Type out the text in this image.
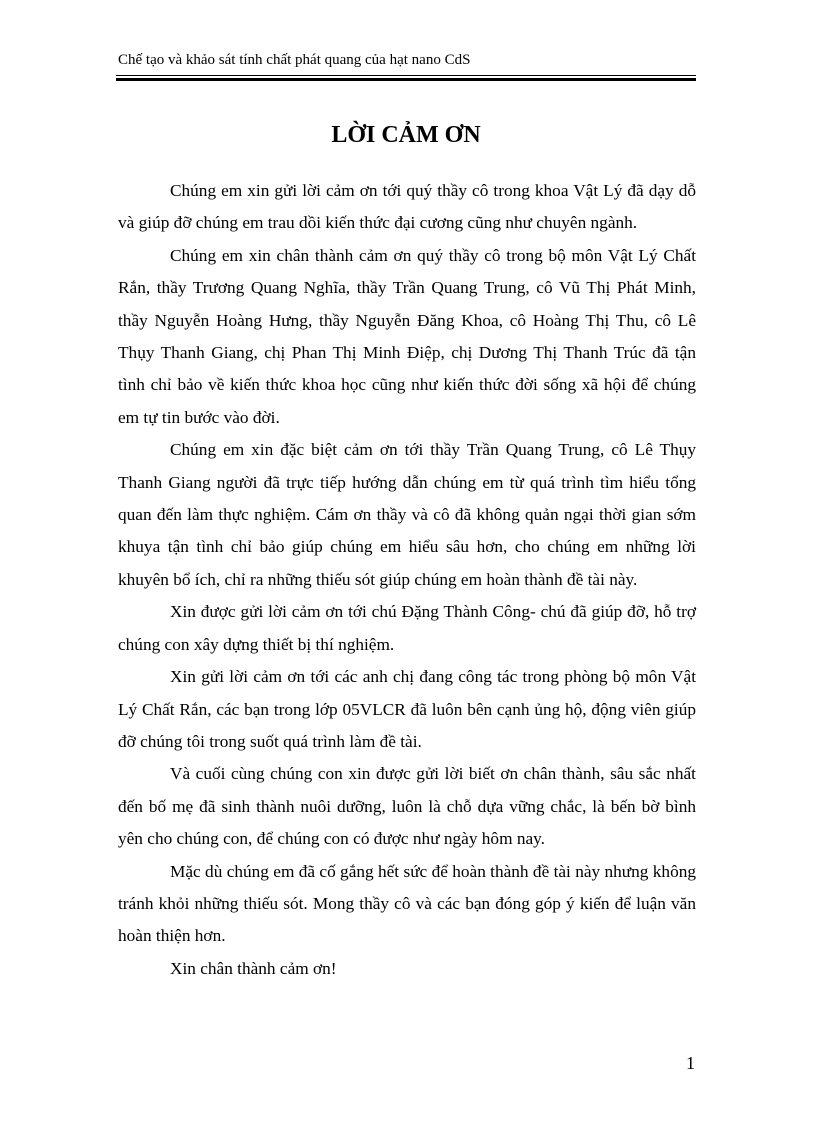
Chế tạo và khảo sát tính chất phát quang của hạt nano CdS
LỜI CẢM ƠN

Chúng em xin gửi lời cảm ơn tới quý thầy cô trong khoa Vật Lý đã dạy dỗ và giúp đỡ chúng em trau dồi kiến thức đại cương cũng như chuyên ngành.

Chúng em xin chân thành cảm ơn quý thầy cô trong bộ môn Vật Lý Chất Rắn, thầy Trương Quang Nghĩa, thầy Trần Quang Trung, cô Vũ Thị Phát Minh, thầy Nguyễn Hoàng Hưng, thầy Nguyễn Đăng Khoa, cô Hoàng Thị Thu, cô Lê Thụy Thanh Giang, chị Phan Thị Minh Điệp, chị Dương Thị Thanh Trúc đã tận tình chỉ bảo về kiến thức khoa học cũng như kiến thức đời sống xã hội để chúng em tự tin bước vào đời.

Chúng em xin đặc biệt cảm ơn tới thầy Trần Quang Trung, cô Lê Thụy Thanh Giang người đã trực tiếp hướng dẫn chúng em từ quá trình tìm hiểu tổng quan đến làm thực nghiệm. Cám ơn thầy và cô đã không quản ngại thời gian sớm khuya tận tình chỉ bảo giúp chúng em hiểu sâu hơn, cho chúng em những lời khuyên bổ ích, chỉ ra những thiếu sót giúp chúng em hoàn thành đề tài này.

Xin được gửi lời cảm ơn tới chú Đặng Thành Công- chú đã giúp đỡ, hỗ trợ chúng con xây dựng thiết bị thí nghiệm.

Xin gửi lời cảm ơn tới các anh chị đang công tác trong phòng bộ môn Vật Lý Chất Rắn, các bạn trong lớp 05VLCR đã luôn bên cạnh ủng hộ, động viên giúp đỡ chúng tôi trong suốt quá trình làm đề tài.

Và cuối cùng chúng con xin được gửi lời biết ơn chân thành, sâu sắc nhất đến bố mẹ đã sinh thành nuôi dưỡng, luôn là chỗ dựa vững chắc, là bến bờ bình yên cho chúng con, để chúng con có được như ngày hôm nay.

Mặc dù chúng em đã cố gắng hết sức để hoàn thành đề tài này nhưng không tránh khỏi những thiếu sót. Mong thầy cô và các bạn đóng góp ý kiến để luận văn hoàn thiện hơn.

Xin chân thành cảm ơn!

1
